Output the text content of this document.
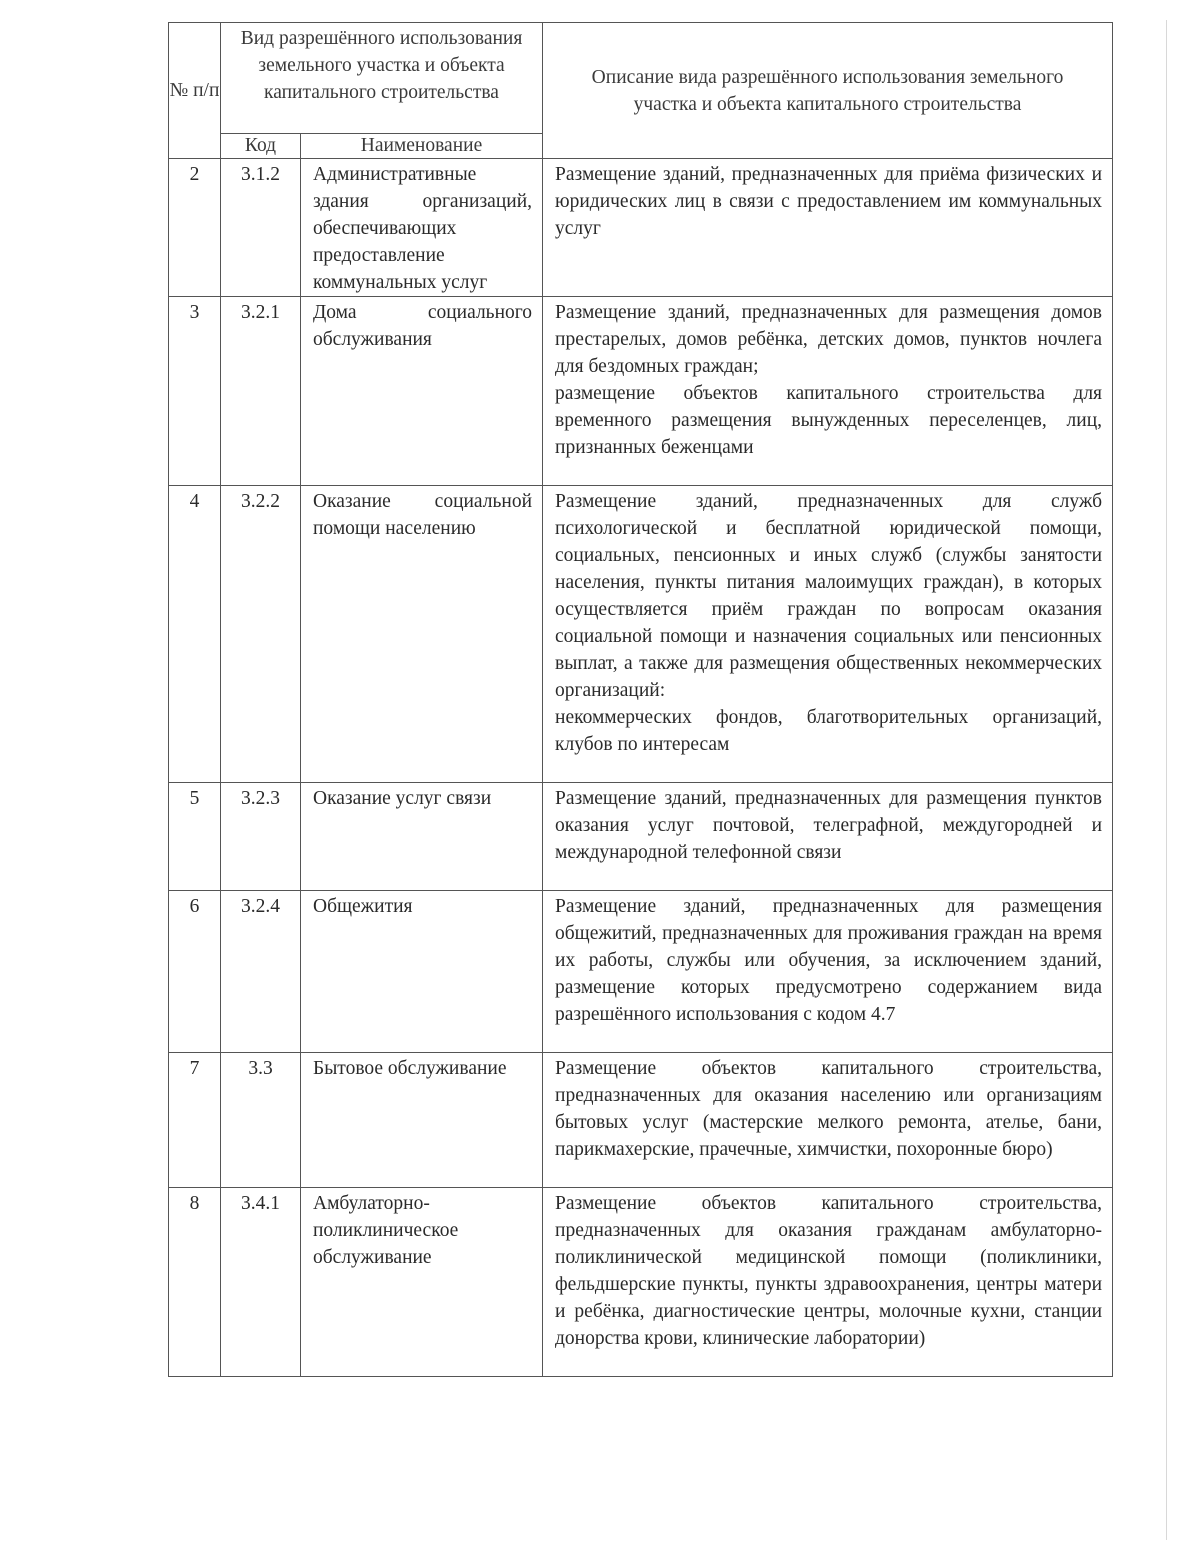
№ п/п	Вид разрешённого использования земельного участка и объекта капитального строительства		Описание вида разрешённого использования земельного участка и объекта капитального строительства
	Код	Наименование	
2	3.1.2	Административные здания организаций, обеспечивающих предоставление коммунальных услуг	Размещение зданий, предназначенных для приёма физических и юридических лиц в связи с предоставлением им коммунальных услуг

3	3.2.1	Дома социального обслуживания	Размещение зданий, предназначенных для размещения домов престарелых, домов ребёнка, детских домов, пунктов ночлега для бездомных граждан;
размещение объектов капитального строительства для временного размещения вынужденных переселенцев, лиц, признанных беженцами

4	3.2.2	Оказание социальной помощи населению	Размещение зданий, предназначенных для служб психологической и бесплатной юридической помощи, социальных, пенсионных и иных служб (службы занятости населения, пункты питания малоимущих граждан), в которых осуществляется приём граждан по вопросам оказания социальной помощи и назначения социальных или пенсионных выплат, а также для размещения общественных некоммерческих организаций:
некоммерческих фондов, благотворительных организаций, клубов по интересам

5	3.2.3	Оказание услуг связи	Размещение зданий, предназначенных для размещения пунктов оказания услуг почтовой, телеграфной, междугородней и международной телефонной связи

6	3.2.4	Общежития	Размещение зданий, предназначенных для размещения общежитий, предназначенных для проживания граждан на время их работы, службы или обучения, за исключением зданий, размещение которых предусмотрено содержанием вида разрешённого использования с кодом 4.7

7	3.3	Бытовое обслуживание	Размещение объектов капитального строительства, предназначенных для оказания населению или организациям бытовых услуг (мастерские мелкого ремонта, ателье, бани, парикмахерские, прачечные, химчистки, похоронные бюро)

8	3.4.1	Амбулаторно-поликлиническое обслуживание	Размещение объектов капитального строительства, предназначенных для оказания гражданам амбулаторно-поликлинической медицинской помощи (поликлиники, фельдшерские пункты, пункты здравоохранения, центры матери и ребёнка, диагностические центры, молочные кухни, станции донорства крови, клинические лаборатории)
